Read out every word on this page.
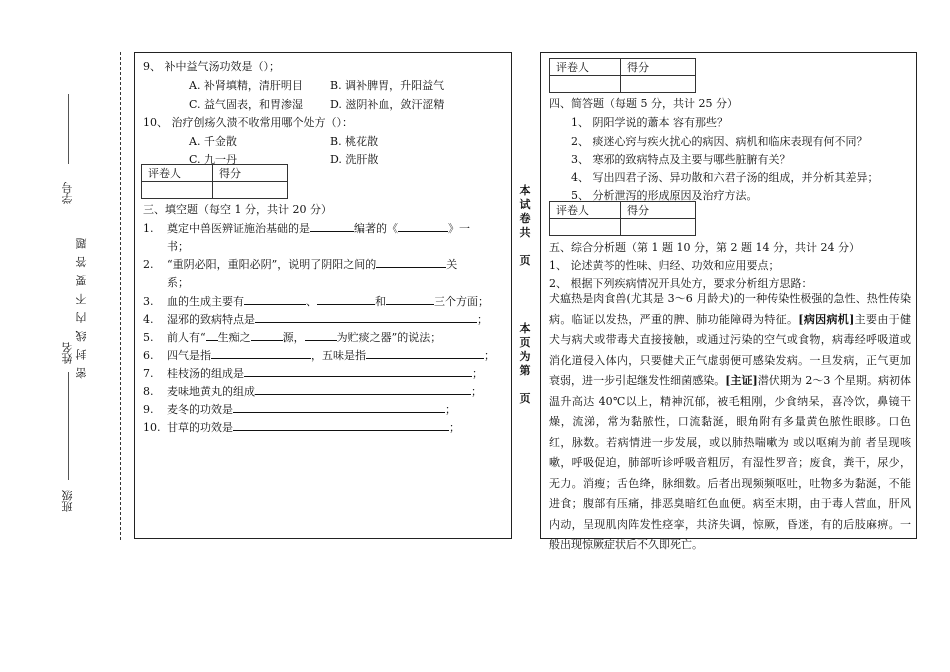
学号
密 封 线 内 不 要 答 题
姓名
班级
9、 补中益气汤功效是（）；
A. 补肾填精，清肝明目 B. 调补脾胃，升阳益气
C. 益气固表，和胃渗湿 D. 滋阴补血，敛汗涩精
10、 治疗创疡久溃不收常用哪个处方（）：
A. 千金散	B. 桃花散
C. 九一丹	D. 洗肝散
评卷人	得分

三、填空题（每空 1 分，共计 20 分）
1. 奠定中兽医辨证施治基础的是	编著的《	》一
书；
2. “重阴必阳，重阳必阴”，说明了阴阳之间的	关
系；
3. 血的生成主要有	、	和	三个方面；
4. 湿邪的致病特点是	；
5. 前人有“ 生痴之	源，	为贮痰之器”的说法；
6. 四气是指	，五味是指	；
7. 桂枝汤的组成是	；
8. 麦味地黄丸的组成	；
9. 麦冬的功效是	；
10. 甘草的功效是	；
本
试
卷
共
页
本
页
为
第
页
评卷人	得分

四、简答题（每题 5 分，共计 25 分）
1、 阴阳学说的蕭本 容有那些？
2、 痰迷心窍与疾火扰心的病因、病机和临床表现有何不同？
3、 寒邪的致病特点及主要与哪些脏腑有关？
4、 写出四君子汤、异功散和六君子汤的组成，并分析其差异；
5、 分析泄泻的形成原因及治疗方法。
评卷人	得分

五、综合分析题（第 1 题 10 分，第 2 题 14 分，共计 24 分）
1、 论述黄芩的性味、归经、功效和应用要点；
2、 根据下列疾病情况开具处方，要求分析组方思路：
犬瘟热是肉食兽(尤其是 3～6 月龄犬)的一种传染性极强的急性、热性传染病。临证以发热，严重的脾、肺功能障碍为特征。[病因病机]主要由于健犬与病犬或带毒犬直接接触，或通过污染的空气或食物，病毒经呼吸道或消化道侵入体内，只要健犬正气虚弱便可感染发病。一旦发病，正气更加衰弱，进一步引起继发性细菌感染。[主证]潜伏期为 2～3 个星期。病初体温升高达 40℃以上，精神沉郁，被毛粗刚，少食纳呆，喜冷饮，鼻镜干燥，流涕，常为黏脓性，口流黏涎，眼角附有多量黄色脓性眼眵。口色红，脉数。若病情进一步发展，或以肺热喘嗽为 或以呕痢为前 者呈现咳嗽，呼吸促迫，肺部听诊呼吸音粗厉，有湿性罗音；废食，粪干，尿少，无力。消瘦；舌色绛，脉细数。后者出现频频呕吐，吐物多为黏涎，不能进食；腹部有压痛，排恶臭暗红色血便。病至末期，由于毒人营血，肝风内动，呈现肌肉阵发性痉挛，共济失调，惊厥，昏迷，有的后肢麻痹。一般出现惊厥症状后不久即死亡。
